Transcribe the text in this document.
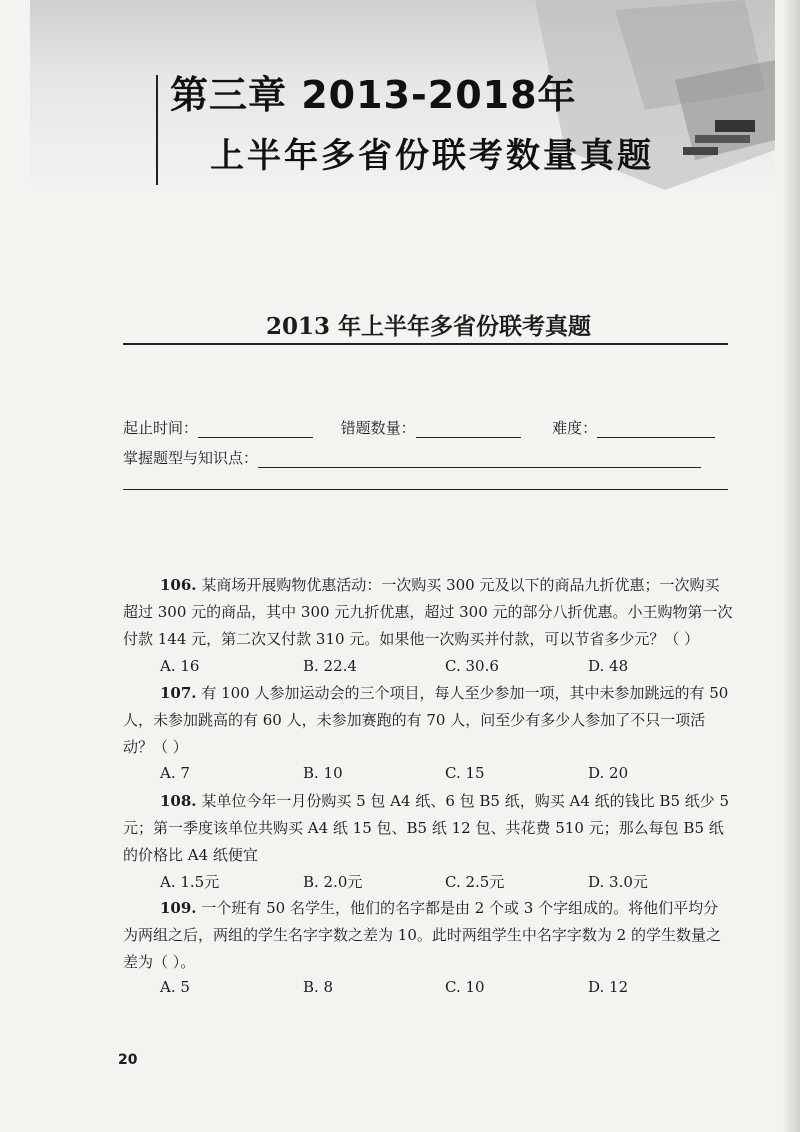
第三章 2013-2018年
上半年多省份联考数量真题
2013 年上半年多省份联考真题
起止时间：	错题数量：	难度：
掌握题型与知识点：
106. 某商场开展购物优惠活动：一次购买 300 元及以下的商品九折优惠；一次购买超过 300 元的商品，其中 300 元九折优惠，超过 300 元的部分八折优惠。小王购物第一次付款 144 元，第二次又付款 310 元。如果他一次购买并付款，可以节省多少元？（ ）
A. 16	B. 22.4	C. 30.6	D. 48
107. 有 100 人参加运动会的三个项目，每人至少参加一项，其中未参加跳远的有 50 人，未参加跳高的有 60 人，未参加赛跑的有 70 人，问至少有多少人参加了不只一项活动？（ ）
A. 7	B. 10	C. 15	D. 20
108. 某单位今年一月份购买 5 包 A4 纸、6 包 B5 纸，购买 A4 纸的钱比 B5 纸少 5 元；第一季度该单位共购买 A4 纸 15 包、B5 纸 12 包、共花费 510 元；那么每包 B5 纸的价格比 A4 纸便宜
A. 1.5元	B. 2.0元	C. 2.5元	D. 3.0元
109. 一个班有 50 名学生，他们的名字都是由 2 个或 3 个字组成的。将他们平均分为两组之后，两组的学生名字字数之差为 10。此时两组学生中名字字数为 2 的学生数量之差为（ ）。
A. 5	B. 8	C. 10	D. 12
20
